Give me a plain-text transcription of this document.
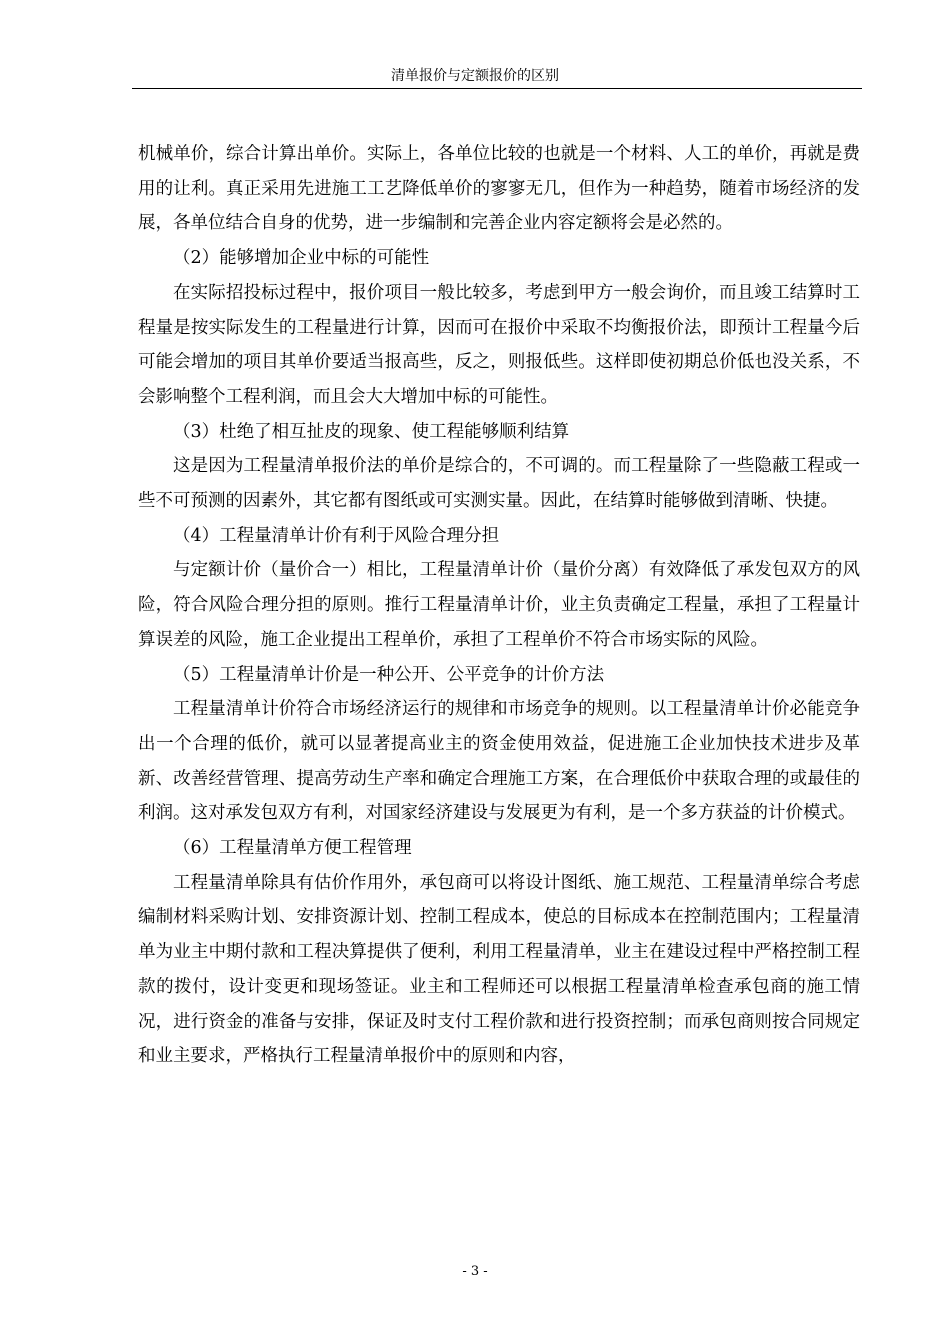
清单报价与定额报价的区别

机械单价，综合计算出单价。实际上，各单位比较的也就是一个材料、人工的单价，再就是费用的让利。真正采用先进施工工艺降低单价的寥寥无几，但作为一种趋势，随着市场经济的发展，各单位结合自身的优势，进一步编制和完善企业内容定额将会是必然的。

（2）能够增加企业中标的可能性

在实际招投标过程中，报价项目一般比较多，考虑到甲方一般会询价，而且竣工结算时工程量是按实际发生的工程量进行计算，因而可在报价中采取不均衡报价法，即预计工程量今后可能会增加的项目其单价要适当报高些，反之，则报低些。这样即使初期总价低也没关系，不会影响整个工程利润，而且会大大增加中标的可能性。

（3）杜绝了相互扯皮的现象、使工程能够顺利结算

这是因为工程量清单报价法的单价是综合的，不可调的。而工程量除了一些隐蔽工程或一些不可预测的因素外，其它都有图纸或可实测实量。因此，在结算时能够做到清晰、快捷。

（4）工程量清单计价有利于风险合理分担

与定额计价（量价合一）相比，工程量清单计价（量价分离）有效降低了承发包双方的风险，符合风险合理分担的原则。推行工程量清单计价，业主负责确定工程量，承担了工程量计算误差的风险，施工企业提出工程单价，承担了工程单价不符合市场实际的风险。

（5）工程量清单计价是一种公开、公平竞争的计价方法

工程量清单计价符合市场经济运行的规律和市场竞争的规则。以工程量清单计价必能竞争出一个合理的低价，就可以显著提高业主的资金使用效益，促进施工企业加快技术进步及革新、改善经营管理、提高劳动生产率和确定合理施工方案，在合理低价中获取合理的或最佳的利润。这对承发包双方有利，对国家经济建设与发展更为有利，是一个多方获益的计价模式。

（6）工程量清单方便工程管理

工程量清单除具有估价作用外，承包商可以将设计图纸、施工规范、工程量清单综合考虑编制材料采购计划、安排资源计划、控制工程成本，使总的目标成本在控制范围内；工程量清单为业主中期付款和工程决算提供了便利，利用工程量清单，业主在建设过程中严格控制工程款的拨付，设计变更和现场签证。业主和工程师还可以根据工程量清单检查承包商的施工情况，进行资金的准备与安排，保证及时支付工程价款和进行投资控制；而承包商则按合同规定和业主要求，严格执行工程量清单报价中的原则和内容，

- 3 -
